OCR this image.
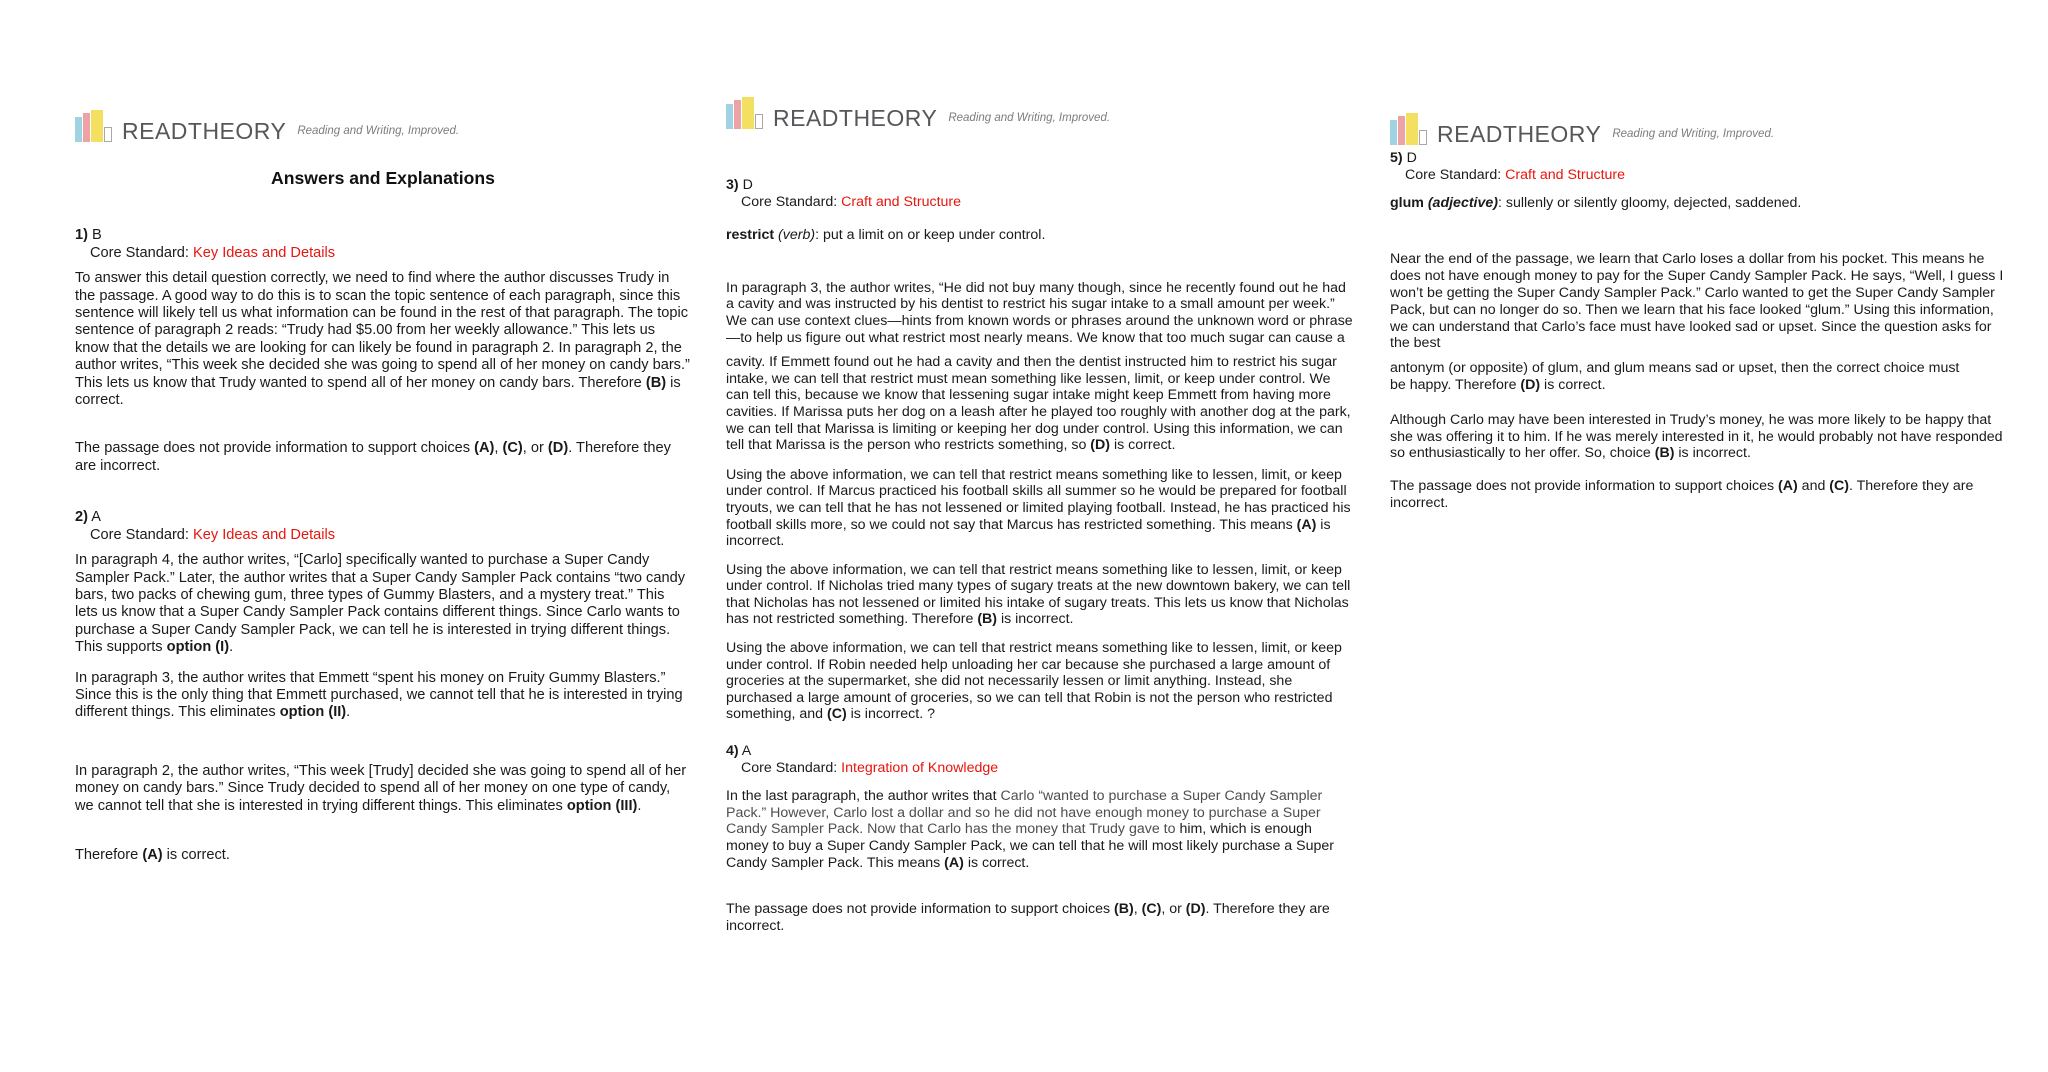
READTHEORY Reading and Writing, Improved.
Answers and Explanations
1) B
Core Standard: Key Ideas and Details

To answer this detail question correctly, we need to find where the author discusses Trudy in the passage. A good way to do this is to scan the topic sentence of each paragraph, since this sentence will likely tell us what information can be found in the rest of that paragraph. The topic sentence of paragraph 2 reads: “Trudy had $5.00 from her weekly allowance.” This lets us know that the details we are looking for can likely be found in paragraph 2. In paragraph 2, the author writes, “This week she decided she was going to spend all of her money on candy bars.” This lets us know that Trudy wanted to spend all of her money on candy bars. Therefore (B) is correct.

The passage does not provide information to support choices (A), (C), or (D). Therefore they are incorrect.

2) A
Core Standard: Key Ideas and Details

In paragraph 4, the author writes, “[Carlo] specifically wanted to purchase a Super Candy Sampler Pack.” Later, the author writes that a Super Candy Sampler Pack contains “two candy bars, two packs of chewing gum, three types of Gummy Blasters, and a mystery treat.” This lets us know that a Super Candy Sampler Pack contains different things. Since Carlo wants to purchase a Super Candy Sampler Pack, we can tell he is interested in trying different things. This supports option (I).

In paragraph 3, the author writes that Emmett “spent his money on Fruity Gummy Blasters.” Since this is the only thing that Emmett purchased, we cannot tell that he is interested in trying different things. This eliminates option (II).

In paragraph 2, the author writes, “This week [Trudy] decided she was going to spend all of her money on candy bars.” Since Trudy decided to spend all of her money on one type of candy, we cannot tell that she is interested in trying different things. This eliminates option (III).

Therefore (A) is correct.

READTHEORY Reading and Writing, Improved.
3) D
Core Standard: Craft and Structure

restrict (verb): put a limit on or keep under control.

In paragraph 3, the author writes, “He did not buy many though, since he recently found out he had a cavity and was instructed by his dentist to restrict his sugar intake to a small amount per week.” We can use context clues—hints from known words or phrases around the unknown word or phrase—to help us figure out what restrict most nearly means. We know that too much sugar can cause a

cavity. If Emmett found out he had a cavity and then the dentist instructed him to restrict his sugar intake, we can tell that restrict must mean something like lessen, limit, or keep under control. We can tell this, because we know that lessening sugar intake might keep Emmett from having more cavities. If Marissa puts her dog on a leash after he played too roughly with another dog at the park, we can tell that Marissa is limiting or keeping her dog under control. Using this information, we can tell that Marissa is the person who restricts something, so (D) is correct.

Using the above information, we can tell that restrict means something like to lessen, limit, or keep under control. If Marcus practiced his football skills all summer so he would be prepared for football tryouts, we can tell that he has not lessened or limited playing football. Instead, he has practiced his football skills more, so we could not say that Marcus has restricted something. This means (A) is incorrect.

Using the above information, we can tell that restrict means something like to lessen, limit, or keep under control. If Nicholas tried many types of sugary treats at the new downtown bakery, we can tell that Nicholas has not lessened or limited his intake of sugary treats. This lets us know that Nicholas has not restricted something. Therefore (B) is incorrect.

Using the above information, we can tell that restrict means something like to lessen, limit, or keep under control. If Robin needed help unloading her car because she purchased a large amount of groceries at the supermarket, she did not necessarily lessen or limit anything. Instead, she purchased a large amount of groceries, so we can tell that Robin is not the person who restricted something, and (C) is incorrect. ?

4) A
Core Standard: Integration of Knowledge

In the last paragraph, the author writes that Carlo “wanted to purchase a Super Candy Sampler Pack.” However, Carlo lost a dollar and so he did not have enough money to purchase a Super Candy Sampler Pack. Now that Carlo has the money that Trudy gave to him, which is enough money to buy a Super Candy Sampler Pack, we can tell that he will most likely purchase a Super Candy Sampler Pack. This means (A) is correct.

The passage does not provide information to support choices (B), (C), or (D). Therefore they are incorrect.

READTHEORY Reading and Writing, Improved.
5) D
Core Standard: Craft and Structure

glum (adjective): sullenly or silently gloomy, dejected, saddened.

Near the end of the passage, we learn that Carlo loses a dollar from his pocket. This means he does not have enough money to pay for the Super Candy Sampler Pack. He says, “Well, I guess I won’t be getting the Super Candy Sampler Pack.” Carlo wanted to get the Super Candy Sampler Pack, but can no longer do so. Then we learn that his face looked “glum.” Using this information, we can understand that Carlo’s face must have looked sad or upset. Since the question asks for the best

antonym (or opposite) of glum, and glum means sad or upset, then the correct choice must
be happy. Therefore (D) is correct.

Although Carlo may have been interested in Trudy’s money, he was more likely to be happy that she was offering it to him. If he was merely interested in it, he would probably not have responded so enthusiastically to her offer. So, choice (B) is incorrect.

The passage does not provide information to support choices (A) and (C). Therefore they are incorrect.
